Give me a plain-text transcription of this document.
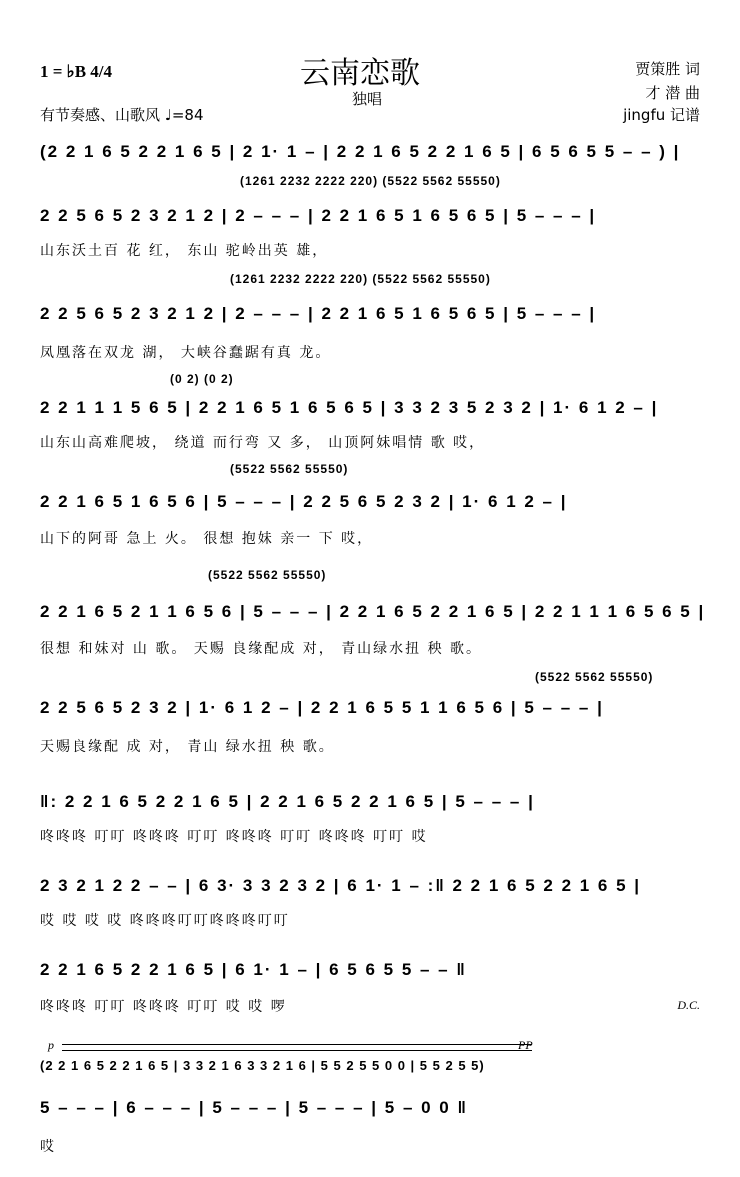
云南恋歌
独唱
1 = ♭B 4/4
有节奏感、山歌风 ♩=84
贾策胜 词
才 潜 曲
jingfu 记谱
(2 2 1 6 5 2 2 1 6 5 | 2 1· 1 – | 2 2 1 6 5 2 2 1 6 5 | 6 5 6 5 5 – – ) |
(1261 2232 2222 220) (5522 5562 55550)
2 2 5 6 5 2 3 2 1 2 | 2 – – – | 2 2 1 6 5 1 6 5 6 5 | 5 – – – |
山东沃土百 花 红， 东山 驼岭出英 雄，
(1261 2232 2222 220) (5522 5562 55550)
2 2 5 6 5 2 3 2 1 2 | 2 – – – | 2 2 1 6 5 1 6 5 6 5 | 5 – – – |
凤凰落在双龙 湖， 大峡谷蠢踞有真 龙。
(0 2) (0 2)
2 2 1 1 1 5 6 5 | 2 2 1 6 5 1 6 5 6 5 | 3 3 2 3 5 2 3 2 | 1· 6 1 2 – |
山东山高难爬坡， 绕道 而行弯 又 多， 山顶阿妹唱情 歌 哎，
(5522 5562 55550)
2 2 1 6 5 1 6 5 6 | 5 – – – | 2 2 5 6 5 2 3 2 | 1· 6 1 2 – |
山下的阿哥 急上 火。 很想 抱妹 亲一 下 哎，
(5522 5562 55550)
2 2 1 6 5 2 1 1 6 5 6 | 5 – – – | 2 2 1 6 5 2 2 1 6 5 | 2 2 1 1 1 6 5 6 5 |
很想 和妹对 山 歌。 天赐 良缘配成 对， 青山绿水扭 秧 歌。
(5522 5562 55550)
2 2 5 6 5 2 3 2 | 1· 6 1 2 – | 2 2 1 6 5 5 1 1 6 5 6 | 5 – – – |
天赐良缘配 成 对， 青山 绿水扭 秧 歌。
‖: 2 2 1 6 5 2 2 1 6 5 | 2 2 1 6 5 2 2 1 6 5 | 5 – – – |
咚咚咚 叮叮 咚咚咚 叮叮 咚咚咚 叮叮 咚咚咚 叮叮 哎
2 3 2 1 2 2 – – | 6 3· 3 3 2 3 2 | 6 1· 1 – :‖ 2 2 1 6 5 2 2 1 6 5 |
哎 哎 哎 哎 咚咚咚叮叮咚咚咚叮叮
2 2 1 6 5 2 2 1 6 5 | 6 1· 1 – | 6 5 6 5 5 – – ‖
咚咚咚 叮叮 咚咚咚 叮叮 哎 哎 啰	D.C.
p	PP
(2 2 1 6 5 2 2 1 6 5 | 3 3 2 1 6 3 3 2 1 6 | 5 5 2 5 5 0 0 | 5 5 2 5 5)
5 – – – | 6 – – – | 5 – – – | 5 – – – | 5 – 0 0 ‖
哎
